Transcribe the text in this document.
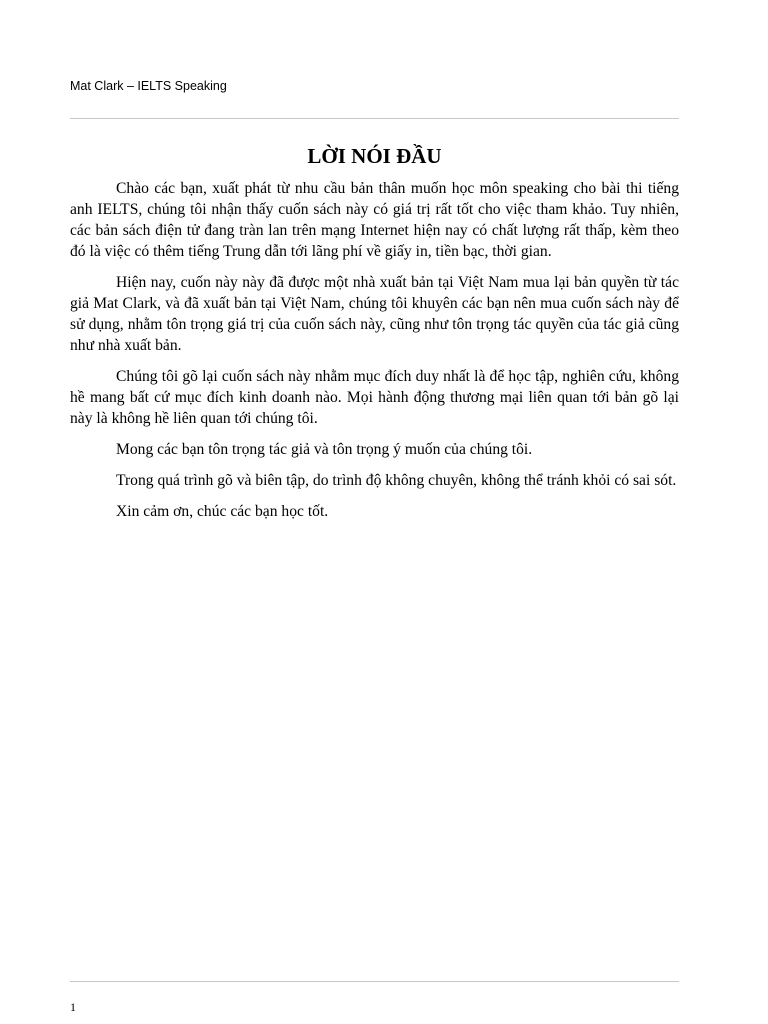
Mat Clark – IELTS Speaking
LỜI NÓI ĐẦU

Chào các bạn, xuất phát từ nhu cầu bản thân muốn học môn speaking cho bài thi tiếng anh IELTS, chúng tôi nhận thấy cuốn sách này có giá trị rất tốt cho việc tham khảo. Tuy nhiên, các bản sách điện tử đang tràn lan trên mạng Internet hiện nay có chất lượng rất thấp, kèm theo đó là việc có thêm tiếng Trung dẫn tới lãng phí về giấy in, tiền bạc, thời gian.

Hiện nay, cuốn này này đã được một nhà xuất bản tại Việt Nam mua lại bản quyền từ tác giả Mat Clark, và đã xuất bản tại Việt Nam, chúng tôi khuyên các bạn nên mua cuốn sách này để sử dụng, nhằm tôn trọng giá trị của cuốn sách này, cũng như tôn trọng tác quyền của tác giả cũng như nhà xuất bản.

Chúng tôi gõ lại cuốn sách này nhằm mục đích duy nhất là để học tập, nghiên cứu, không hề mang bất cứ mục đích kinh doanh nào. Mọi hành động thương mại liên quan tới bản gõ lại này là không hề liên quan tới chúng tôi.

Mong các bạn tôn trọng tác giả và tôn trọng ý muốn của chúng tôi.

Trong quá trình gõ và biên tập, do trình độ không chuyên, không thể tránh khỏi có sai sót.

Xin cảm ơn, chúc các bạn học tốt.

1
